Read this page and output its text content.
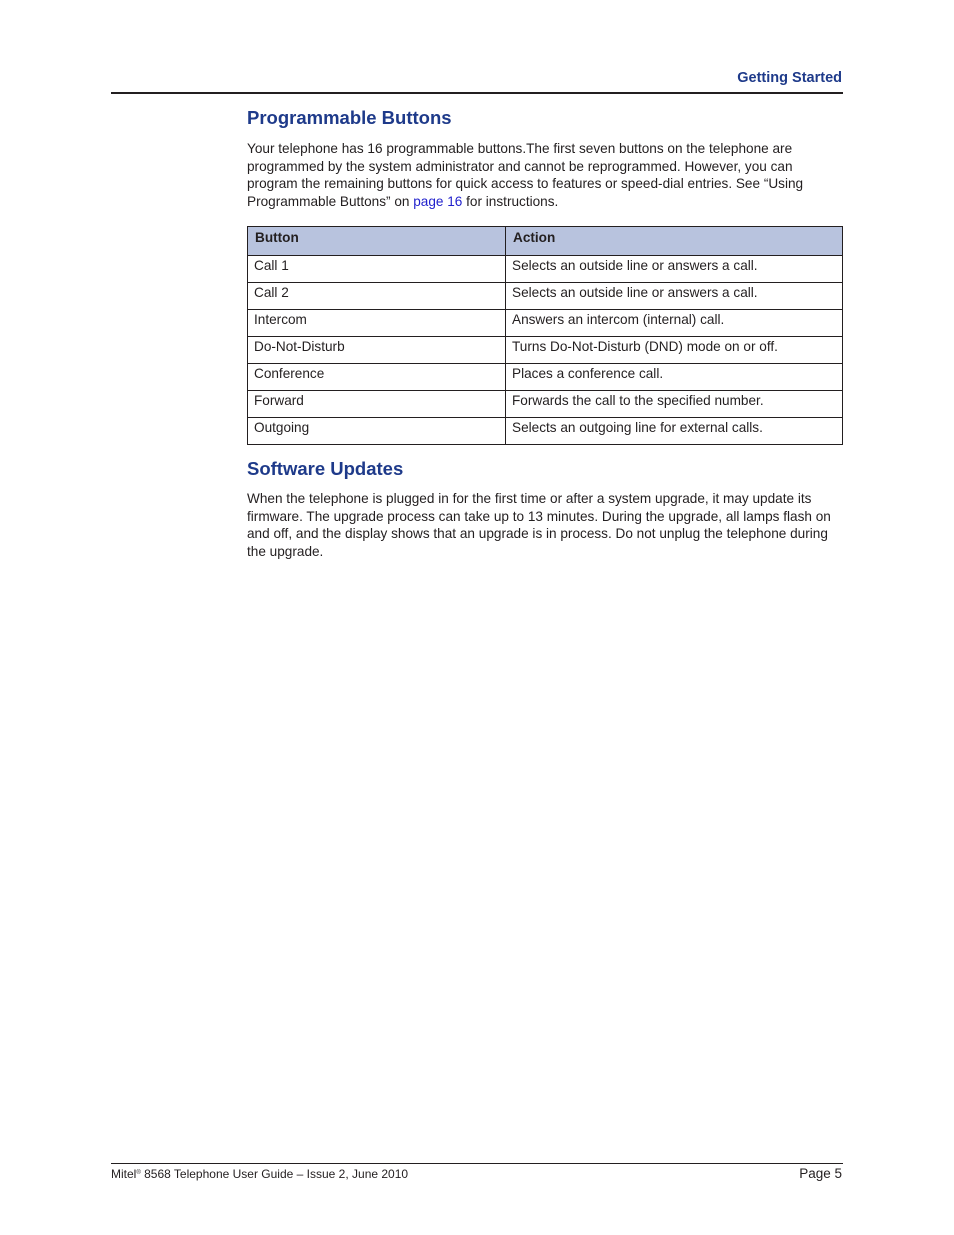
Getting Started
Programmable Buttons

Your telephone has 16 programmable buttons.The first seven buttons on the telephone are programmed by the system administrator and cannot be reprogrammed. However, you can program the remaining buttons for quick access to features or speed-dial entries. See “Using Programmable Buttons” on page 16 for instructions.

Button	Action
Call 1	Selects an outside line or answers a call.
Call 2	Selects an outside line or answers a call.
Intercom	Answers an intercom (internal) call.
Do-Not-Disturb	Turns Do-Not-Disturb (DND) mode on or off.
Conference	Places a conference call.
Forward	Forwards the call to the specified number.
Outgoing	Selects an outgoing line for external calls.
Software Updates

When the telephone is plugged in for the first time or after a system upgrade, it may update its firmware. The upgrade process can take up to 13 minutes. During the upgrade, all lamps flash on and off, and the display shows that an upgrade is in process. Do not unplug the telephone during the upgrade.

Mitel® 8568 Telephone User Guide – Issue 2, June 2010	Page 5
